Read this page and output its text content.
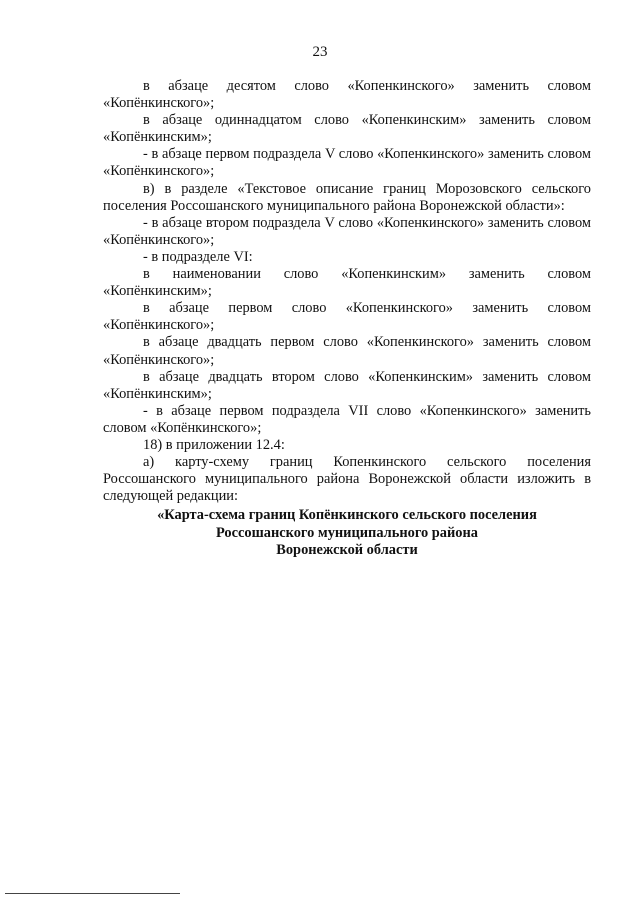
23

в абзаце десятом слово «Копенкинского» заменить словом «Копёнкинского»;

в абзаце одиннадцатом слово «Копенкинским» заменить словом «Копёнкинским»;

- в абзаце первом подраздела V слово «Копенкинского» заменить словом «Копёнкинского»;

в) в разделе «Текстовое описание границ Морозовского сельского поселения Россошанского муниципального района Воронежской области»:

- в абзаце втором подраздела V слово «Копенкинского» заменить словом «Копёнкинского»;

- в подразделе VI:

в наименовании слово «Копенкинским» заменить словом «Копёнкинским»;

в абзаце первом слово «Копенкинского» заменить словом «Копёнкинского»;

в абзаце двадцать первом слово «Копенкинского» заменить словом «Копёнкинского»;

в абзаце двадцать втором слово «Копенкинским» заменить словом «Копёнкинским»;

- в абзаце первом подраздела VII слово «Копенкинского» заменить словом «Копёнкинского»;

18) в приложении 12.4:

а) карту-схему границ Копенкинского сельского поселения Россошанского муниципального района Воронежской области изложить в следующей редакции:

«Карта-схема границ Копёнкинского сельского поселения
Россошанского муниципального района
Воронежской области
